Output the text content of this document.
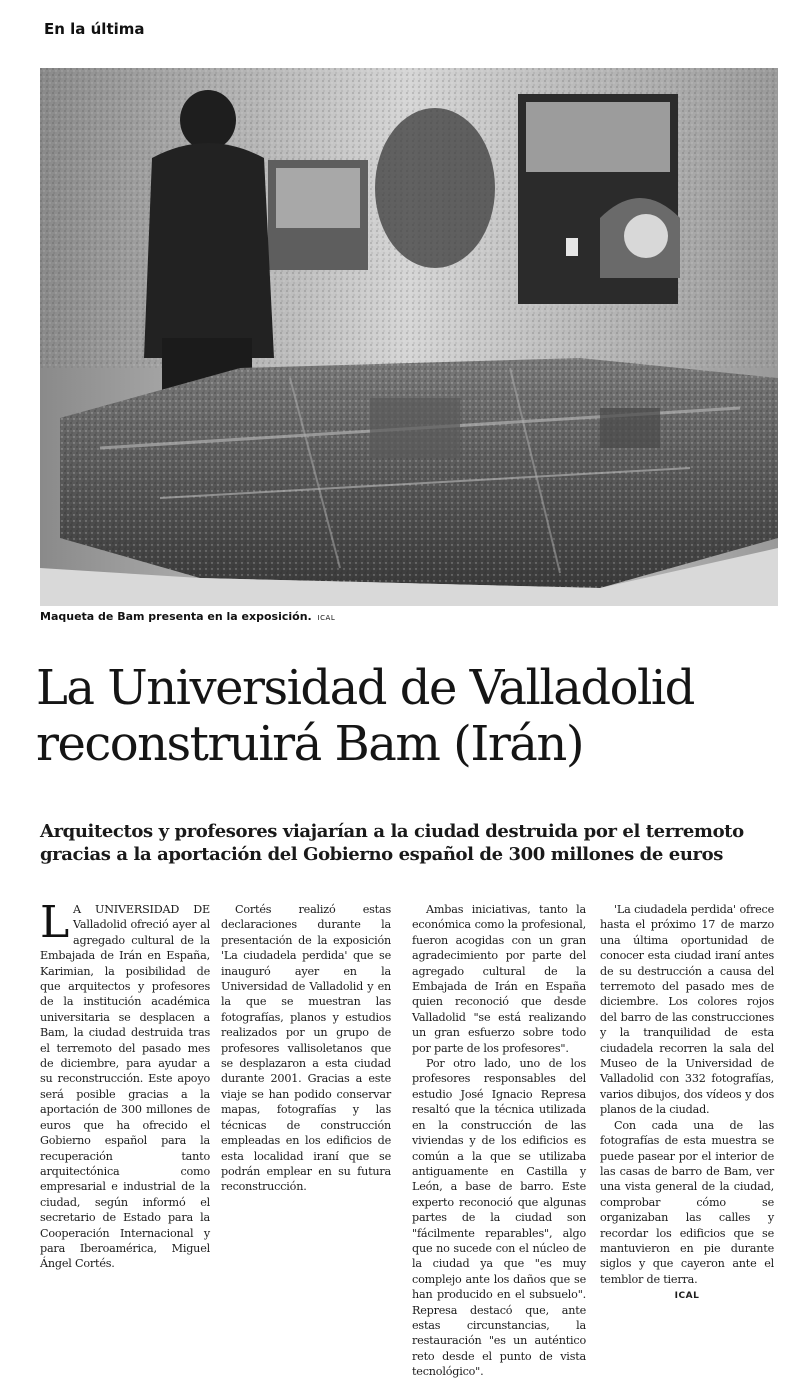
En la última
Maqueta de Bam presenta en la exposición. ICAL
La Universidad de Valladolid reconstruirá Bam (Irán)
Arquitectos y profesores viajarían a la ciudad destruida por el terremoto gracias a la aportación del Gobierno español de 300 millones de euros

L A UNIVERSIDAD DE Valladolid ofreció ayer al agregado cultural de la Embajada de Irán en España, Karimian, la posibilidad de que arquitectos y profesores de la institución académica universitaria se desplacen a Bam, la ciudad destruida tras el terremoto del pasado mes de diciembre, para ayudar a su reconstrucción. Este apoyo será posible gracias a la aportación de 300 millones de euros que ha ofrecido el Gobierno español para la recuperación tanto arquitectónica como empresarial e industrial de la ciudad, según informó el secretario de Estado para la Cooperación Internacional y para Iberoamérica, Miguel Ángel Cortés.

Cortés realizó estas declaraciones durante la presentación de la exposición 'La ciudadela perdida' que se inauguró ayer en la Universidad de Valladolid y en la que se muestran las fotografías, planos y estudios realizados por un grupo de profesores vallisoletanos que se desplazaron a esta ciudad durante 2001. Gracias a este viaje se han podido conservar mapas, fotografías y las técnicas de construcción empleadas en los edificios de esta localidad iraní que se podrán emplear en su futura reconstrucción.

Ambas iniciativas, tanto la económica como la profesional, fueron acogidas con un gran agradecimiento por parte del agregado cultural de la Embajada de Irán en España quien reconoció que desde Valladolid "se está realizando un gran esfuerzo sobre todo por parte de los profesores".

Por otro lado, uno de los profesores responsables del estudio José Ignacio Represa resaltó que la técnica utilizada en la construcción de las viviendas y de los edificios es común a la que se utilizaba antiguamente en Castilla y León, a base de barro. Este experto reconoció que algunas partes de la ciudad son "fácilmente reparables", algo que no sucede con el núcleo de la ciudad ya que "es muy complejo ante los daños que se han producido en el subsuelo". Represa destacó que, ante estas circunstancias, la restauración "es un auténtico reto desde el punto de vista tecnológico".

'La ciudadela perdida' ofrece hasta el próximo 17 de marzo una última oportunidad de conocer esta ciudad iraní antes de su destrucción a causa del terremoto del pasado mes de diciembre. Los colores rojos del barro de las construcciones y la tranquilidad de esta ciudadela recorren la sala del Museo de la Universidad de Valladolid con 332 fotografías, varios dibujos, dos vídeos y dos planos de la ciudad.

Con cada una de las fotografías de esta muestra se puede pasear por el interior de las casas de barro de Bam, ver una vista general de la ciudad, comprobar cómo se organizaban las calles y recordar los edificios que se mantuvieron en pie durante siglos y que cayeron ante el temblor de tierra.

ICAL
